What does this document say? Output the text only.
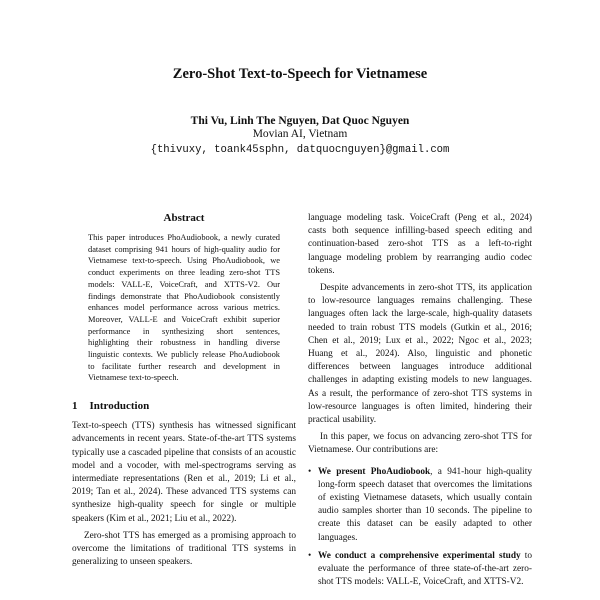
Zero-Shot Text-to-Speech for Vietnamese
Thi Vu, Linh The Nguyen, Dat Quoc Nguyen
Movian AI, Vietnam
{thivuxy, toank45sphn, datquocnguyen}@gmail.com
Abstract

This paper introduces PhoAudiobook, a newly curated dataset comprising 941 hours of high-quality audio for Vietnamese text-to-speech. Using PhoAudiobook, we conduct experiments on three leading zero-shot TTS models: VALL-E, VoiceCraft, and XTTS-V2. Our findings demonstrate that PhoAudiobook consistently enhances model performance across various metrics. Moreover, VALL-E and VoiceCraft exhibit superior performance in synthesizing short sentences, highlighting their robustness in handling diverse linguistic contexts. We publicly release PhoAudiobook to facilitate further research and development in Vietnamese text-to-speech.

1 Introduction

Text-to-speech (TTS) synthesis has witnessed significant advancements in recent years. State-of-the-art TTS systems typically use a cascaded pipeline that consists of an acoustic model and a vocoder, with mel-spectrograms serving as intermediate representations (Ren et al., 2019; Li et al., 2019; Tan et al., 2024). These advanced TTS systems can synthesize high-quality speech for single or multiple speakers (Kim et al., 2021; Liu et al., 2022).

Zero-shot TTS has emerged as a promising approach to overcome the limitations of traditional TTS systems in generalizing to unseen speakers.

language modeling task. VoiceCraft (Peng et al., 2024) casts both sequence infilling-based speech editing and continuation-based zero-shot TTS as a left-to-right language modeling problem by rearranging audio codec tokens.

Despite advancements in zero-shot TTS, its application to low-resource languages remains challenging. These languages often lack the large-scale, high-quality datasets needed to train robust TTS models (Gutkin et al., 2016; Chen et al., 2019; Lux et al., 2022; Ngoc et al., 2023; Huang et al., 2024). Also, linguistic and phonetic differences between languages introduce additional challenges in adapting existing models to new languages. As a result, the performance of zero-shot TTS systems in low-resource languages is often limited, hindering their practical usability.

In this paper, we focus on advancing zero-shot TTS for Vietnamese. Our contributions are:

• We present PhoAudiobook, a 941-hour high-quality long-form speech dataset that overcomes the limitations of existing Vietnamese datasets, which usually contain audio samples shorter than 10 seconds. The pipeline to create this dataset can be easily adapted to other languages.
• We conduct a comprehensive experimental study to evaluate the performance of three state-of-the-art zero-shot TTS models: VALL-E, VoiceCraft, and XTTS-V2.
